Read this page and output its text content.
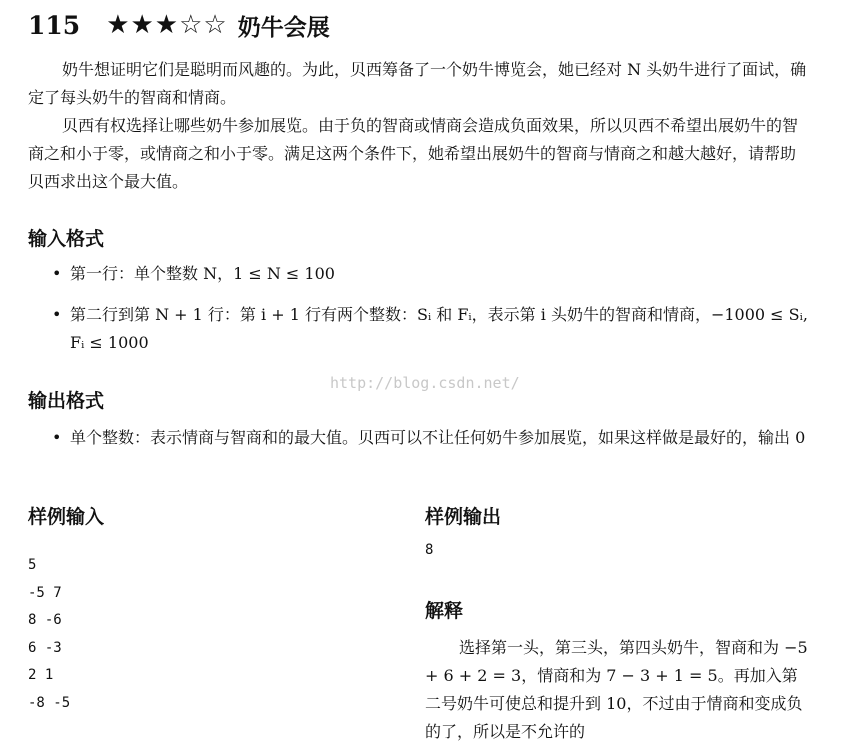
115 ★★★☆☆ 奶牛会展

奶牛想证明它们是聪明而风趣的。为此，贝西筹备了一个奶牛博览会，她已经对 N 头奶牛进行了面试，确定了每头奶牛的智商和情商。

贝西有权选择让哪些奶牛参加展览。由于负的智商或情商会造成负面效果，所以贝西不希望出展奶牛的智商之和小于零，或情商之和小于零。满足这两个条件下，她希望出展奶牛的智商与情商之和越大越好，请帮助贝西求出这个最大值。

输入格式
• 第一行：单个整数 N，1 ≤ N ≤ 100
• 第二行到第 N + 1 行：第 i + 1 行有两个整数：Sᵢ 和 Fᵢ，表示第 i 头奶牛的智商和情商，−1000 ≤ Sᵢ, Fᵢ ≤ 1000
http://blog.csdn.net/
输出格式
• 单个整数：表示情商与智商和的最大值。贝西可以不让任何奶牛参加展览，如果这样做是最好的，输出 0
样例输入
5
-5 7
8 -6
6 -3
2 1
-8 -5
样例输出
8
解释

选择第一头，第三头，第四头奶牛，智商和为 −5 + 6 + 2 = 3，情商和为 7 − 3 + 1 = 5。再加入第二号奶牛可使总和提升到 10，不过由于情商和变成负的了，所以是不允许的
